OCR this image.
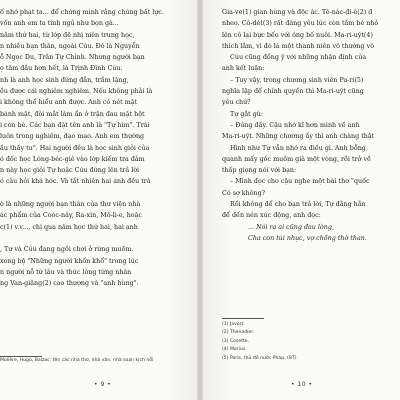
ố nhớ phạt ta... để chứng minh rằng chúng bất lực.
vốn anh em ta tính ngủ như bọn gà...
năm thứ hai, từ lớp đệ nhị niên trung học,
n nhiều bạn thân, ngoài Cúu. Đó là Nguyễn
ỗ Ngọc Du, Trần Tự Chỉnh. Nhưng người bạn
ọ tâm đầu hơn hết, là Trịnh Đình Cúu.
nh là anh học sinh đứng đắn, trầm lặng,
ều được cái nghiêm nghiêm. Nếu không phải là
i không thể hiểu anh được. Anh có nét mặt
bánh mật, đôi mắt làm ẩn ở trận đau mặt hột
i còn bé. Các bạn đặt tên anh là "Tự hìm". Trái
luôn trong nghiêm, dạo mạo. Anh em thường
ầu thầy tu". Hai người đều là học sinh giỏi của
ó đốc học Lòng-béc-giê vào lớp kiếm tra đảm
n này học giỏi Tự hoặc Cúu đứng lên trả lời
ó câu hỏi khá hóc. Và tất nhiên hai anh đều trả
ò là những người bạn thân của thư viện nhà
ác phẩm của Coóc-nây, Ra-xin, Mô-li-e, hoặc
c(1) v.v..., chị qua năm học thứ hai, hai anh
, Tự và Cúu đang ngồi chơi ở rừng muồm.
xong bộ "Những người khốn khổ" trong lúc
n người nỗ từ lâu và thúc lòng từng nhân
ng Van-giăng(2) cao thượng và "anh hùng".
Molière, Hugo, Balzac: tên các nhà thơ, nhà văn, nhà soạn kịch nổi
• 9 •
Gia-ve(1) gian hùng và độc ác. Tê-nác-đi-ê(2) đ
nheo. Cô-dét(3) rất đáng yêu lúc còn tấm bé nhỏ
lên cô lại bực bếo với ông bố nuôi. Ma-ri-uýt(4)
thích lắm, vì đó là một thanh niên vô thường vô
Cúu cũng đồng ý với những nhận định của
anh kết luận:
– Tuy vậy, trong chương sinh viên Pa-ri(5)
nghĩa lập để chính quyền thì Ma-ri-uýt cũng
yêu chứ?
Tự gắt gù:
– Đúng đấy. Cậu nhớ kĩ hơn mình về anh
Ma-ri-uýt. Những chương ấy thì anh chàng thật
Hình như Tự vẫn nhớ ra điều gì. Anh bỗng
quanh mấy gốc muồm già một vòng, rồi trở về
thấp giọng nói với bạn:
– Mình đọc cho cậu nghe một bài thơ "quốc
Có sợ không?
Rồi không để cho bạn trả lời, Tự đằng hắn
để đến nén xúc động, anh đọc:
... Nói ra ai cũng đau lòng,
Cha con túi nhục, vợ chồng thờ than.
(1) Javert.
(2) Thenadier.
(3) Cosette.
(4) Marius.
(5) Paris, thủ đô nước Pháp. (BT)
• 10 •
